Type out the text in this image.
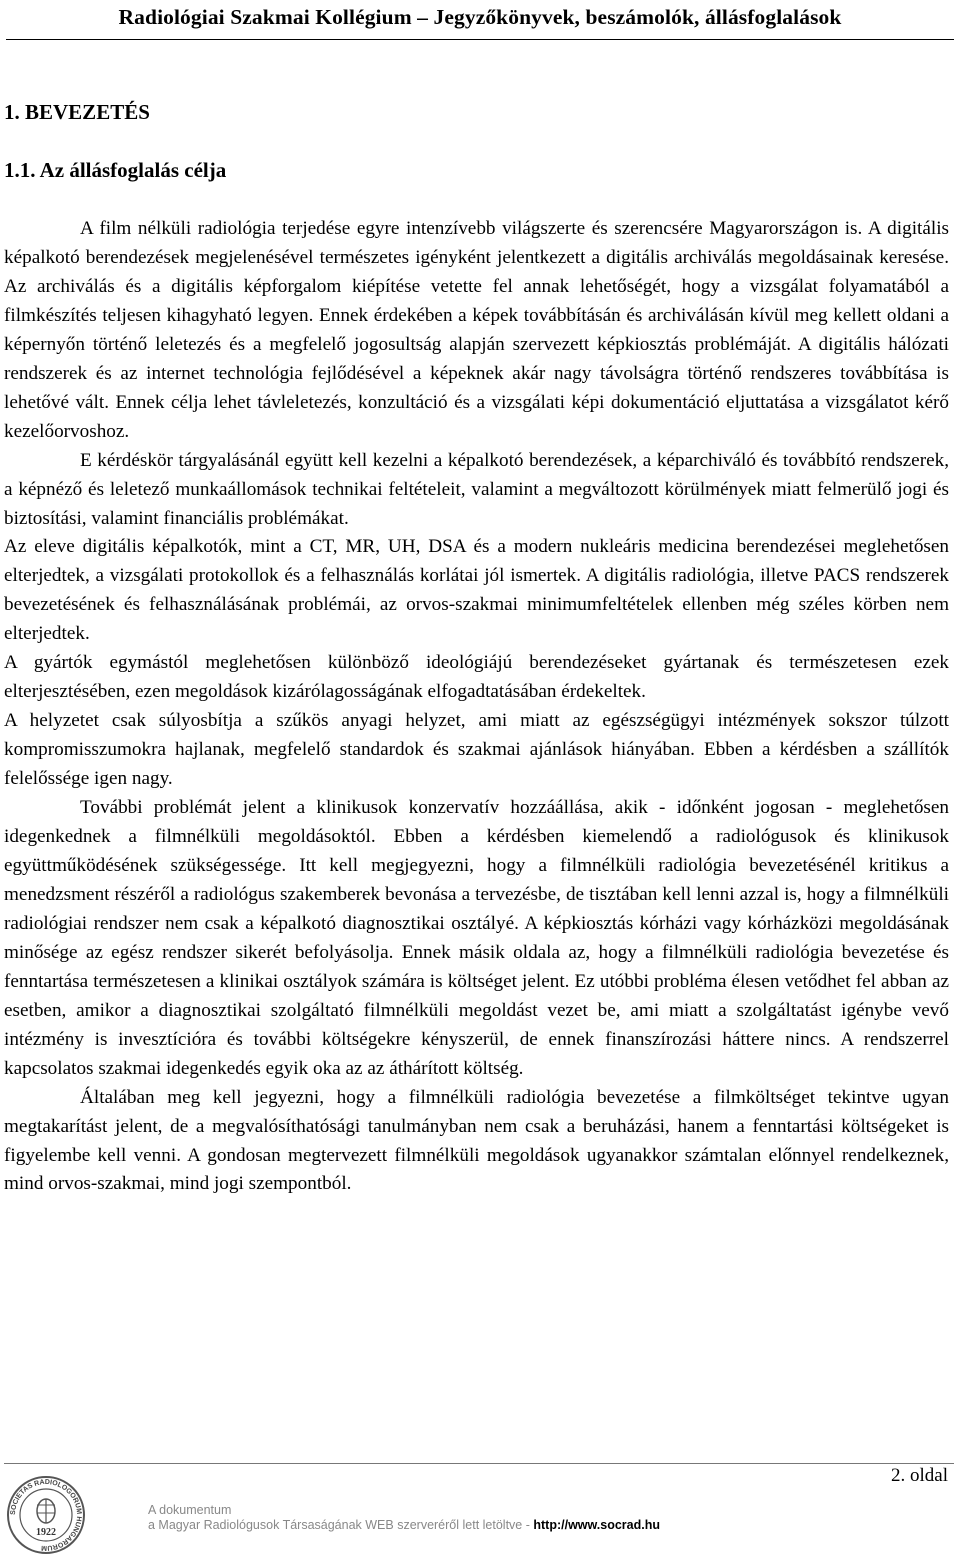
Radiológiai Szakmai Kollégium – Jegyzőkönyvek, beszámolók, állásfoglalások
1. BEVEZETÉS
1.1. Az állásfoglalás célja

A film nélküli radiológia terjedése egyre intenzívebb világszerte és szerencsére Magyarországon is. A digitális képalkotó berendezések megjelenésével természetes igényként jelentkezett a digitális archiválás megoldásainak keresése. Az archiválás és a digitális képforgalom kiépítése vetette fel annak lehetőségét, hogy a vizsgálat folyamatából a filmkészítés teljesen kihagyható legyen. Ennek érdekében a képek továbbításán és archiválásán kívül meg kellett oldani a képernyőn történő leletezés és a megfelelő jogosultság alapján szervezett képkiosztás problémáját. A digitális hálózati rendszerek és az internet technológia fejlődésével a képeknek akár nagy távolságra történő rendszeres továbbítása is lehetővé vált. Ennek célja lehet távleletezés, konzultáció és a vizsgálati képi dokumentáció eljuttatása a vizsgálatot kérő kezelőorvoshoz.

E kérdéskör tárgyalásánál együtt kell kezelni a képalkotó berendezések, a képarchiváló és továbbító rendszerek, a képnéző és leletező munkaállomások technikai feltételeit, valamint a megváltozott körülmények miatt felmerülő jogi és biztosítási, valamint financiális problémákat.

Az eleve digitális képalkotók, mint a CT, MR, UH, DSA és a modern nukleáris medicina berendezései meglehetősen elterjedtek, a vizsgálati protokollok és a felhasználás korlátai jól ismertek. A digitális radiológia, illetve PACS rendszerek bevezetésének és felhasználásának problémái, az orvos-szakmai minimumfeltételek ellenben még széles körben nem elterjedtek.

A gyártók egymástól meglehetősen különböző ideológiájú berendezéseket gyártanak és természetesen ezek elterjesztésében, ezen megoldások kizárólagosságának elfogadtatásában érdekeltek.

A helyzetet csak súlyosbítja a szűkös anyagi helyzet, ami miatt az egészségügyi intézmények sokszor túlzott kompromisszumokra hajlanak, megfelelő standardok és szakmai ajánlások hiányában. Ebben a kérdésben a szállítók felelőssége igen nagy.

További problémát jelent a klinikusok konzervatív hozzáállása, akik - időnként jogosan - meglehetősen idegenkednek a filmnélküli megoldásoktól. Ebben a kérdésben kiemelendő a radiológusok és klinikusok együttműködésének szükségessége. Itt kell megjegyezni, hogy a filmnélküli radiológia bevezetésénél kritikus a menedzsment részéről a radiológus szakemberek bevonása a tervezésbe, de tisztában kell lenni azzal is, hogy a filmnélküli radiológiai rendszer nem csak a képalkotó diagnosztikai osztályé. A képkiosztás kórházi vagy kórházközi megoldásának minősége az egész rendszer sikerét befolyásolja. Ennek másik oldala az, hogy a filmnélküli radiológia bevezetése és fenntartása természetesen a klinikai osztályok számára is költséget jelent. Ez utóbbi probléma élesen vetődhet fel abban az esetben, amikor a diagnosztikai szolgáltató filmnélküli megoldást vezet be, ami miatt a szolgáltatást igénybe vevő intézmény is invesztícióra és további költségekre kényszerül, de ennek finanszírozási háttere nincs. A rendszerrel kapcsolatos szakmai idegenkedés egyik oka az az áthárított költség.

Általában meg kell jegyezni, hogy a filmnélküli radiológia bevezetése a filmköltséget tekintve ugyan megtakarítást jelent, de a megvalósíthatósági tanulmányban nem csak a beruházási, hanem a fenntartási költségeket is figyelembe kell venni. A gondosan megtervezett filmnélküli megoldások ugyanakkor számtalan előnnyel rendelkeznek, mind orvos-szakmai, mind jogi szempontból.

2. oldal
SOCIETAS RADIOLOGORUM HUNGARORUM
1922
A dokumentum
a Magyar Radiológusok Társaságának WEB szerveréről lett letöltve - http://www.socrad.hu
